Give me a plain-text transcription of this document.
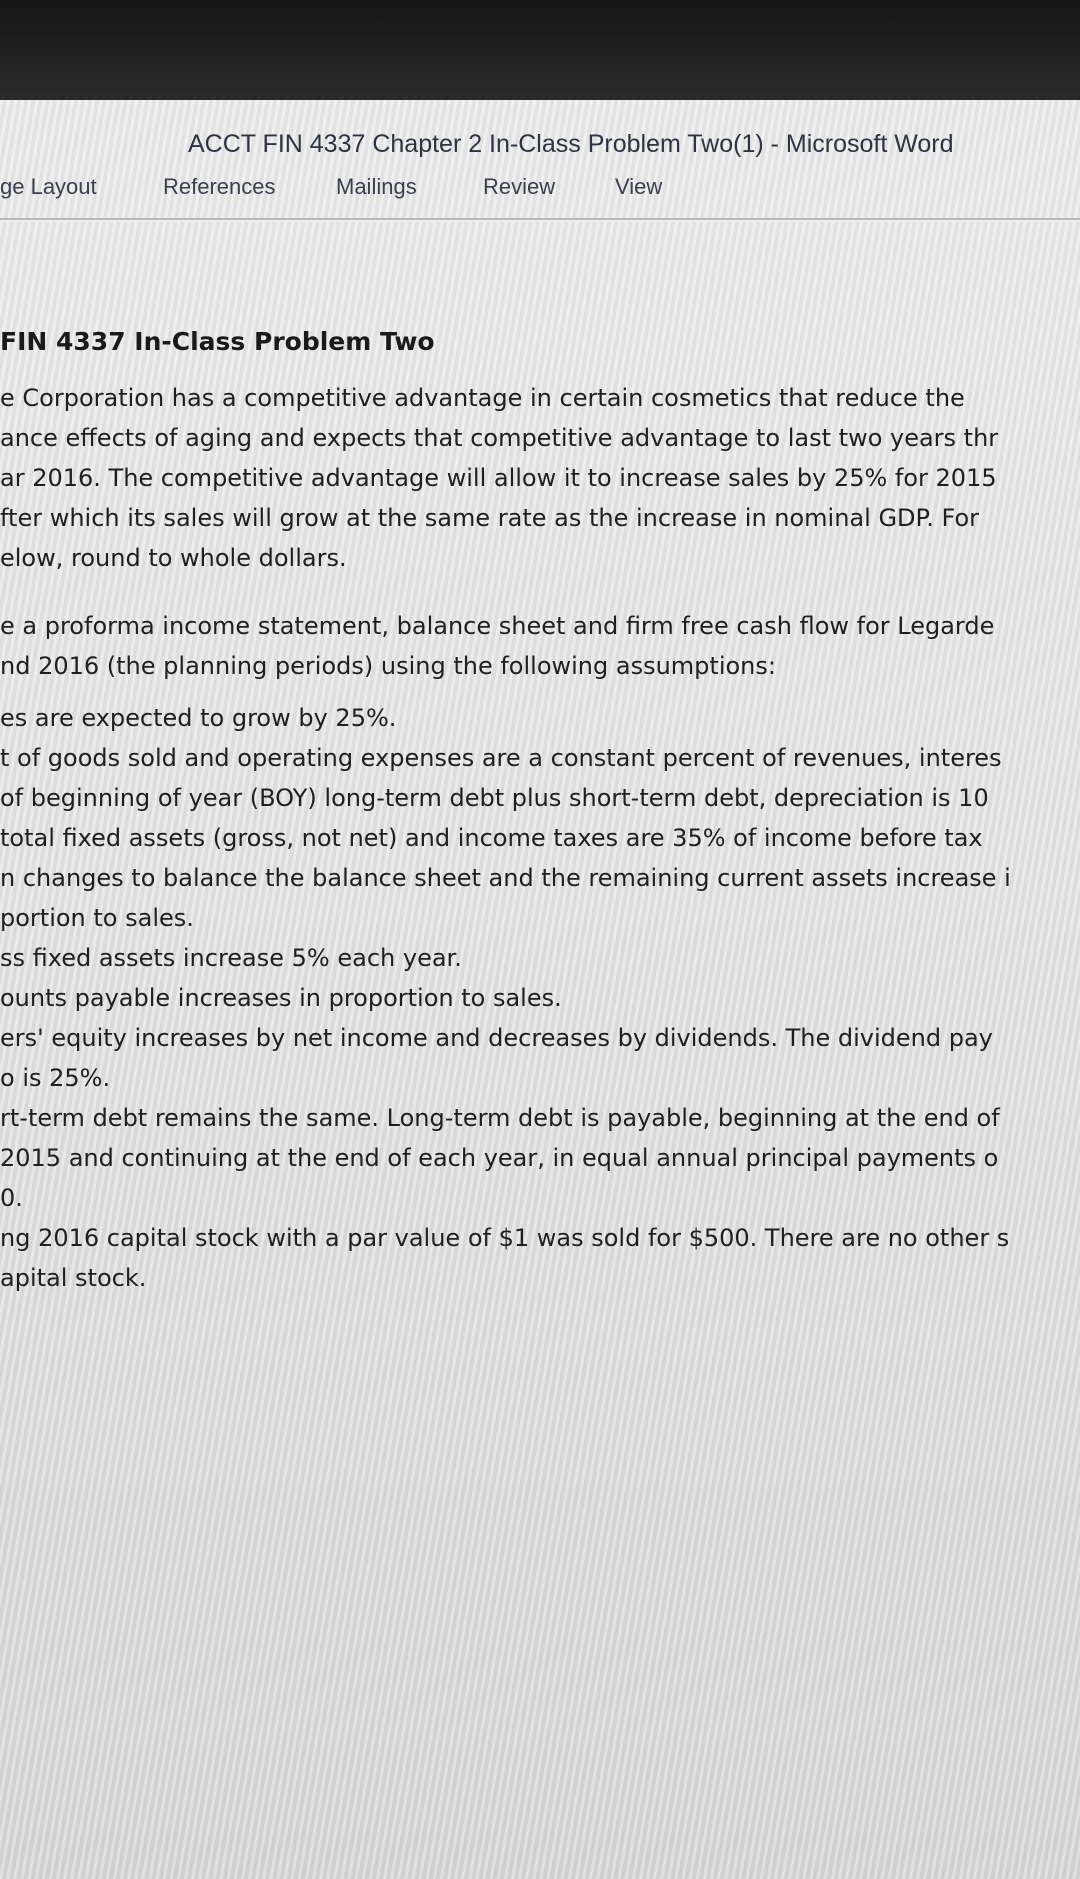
ACCT FIN 4337 Chapter 2 In-Class Problem Two(1) - Microsoft Word
ge Layout	References	Mailings	Review	View
FIN 4337 In-Class Problem Two
e Corporation has a competitive advantage in certain cosmetics that reduce the
ance effects of aging and expects that competitive advantage to last two years thr
ar 2016. The competitive advantage will allow it to increase sales by 25% for 2015
fter which its sales will grow at the same rate as the increase in nominal GDP. For
elow, round to whole dollars.
e a proforma income statement, balance sheet and firm free cash flow for Legarde
nd 2016 (the planning periods) using the following assumptions:
es are expected to grow by 25%.
t of goods sold and operating expenses are a constant percent of revenues, interes
of beginning of year (BOY) long-term debt plus short-term debt, depreciation is 10
total fixed assets (gross, not net) and income taxes are 35% of income before tax
n changes to balance the balance sheet and the remaining current assets increase i
portion to sales.
ss fixed assets increase 5% each year.
ounts payable increases in proportion to sales.
ers' equity increases by net income and decreases by dividends. The dividend pay
o is 25%.
rt-term debt remains the same. Long-term debt is payable, beginning at the end of
2015 and continuing at the end of each year, in equal annual principal payments o
0.
ng 2016 capital stock with a par value of $1 was sold for $500. There are no other s
apital stock.
